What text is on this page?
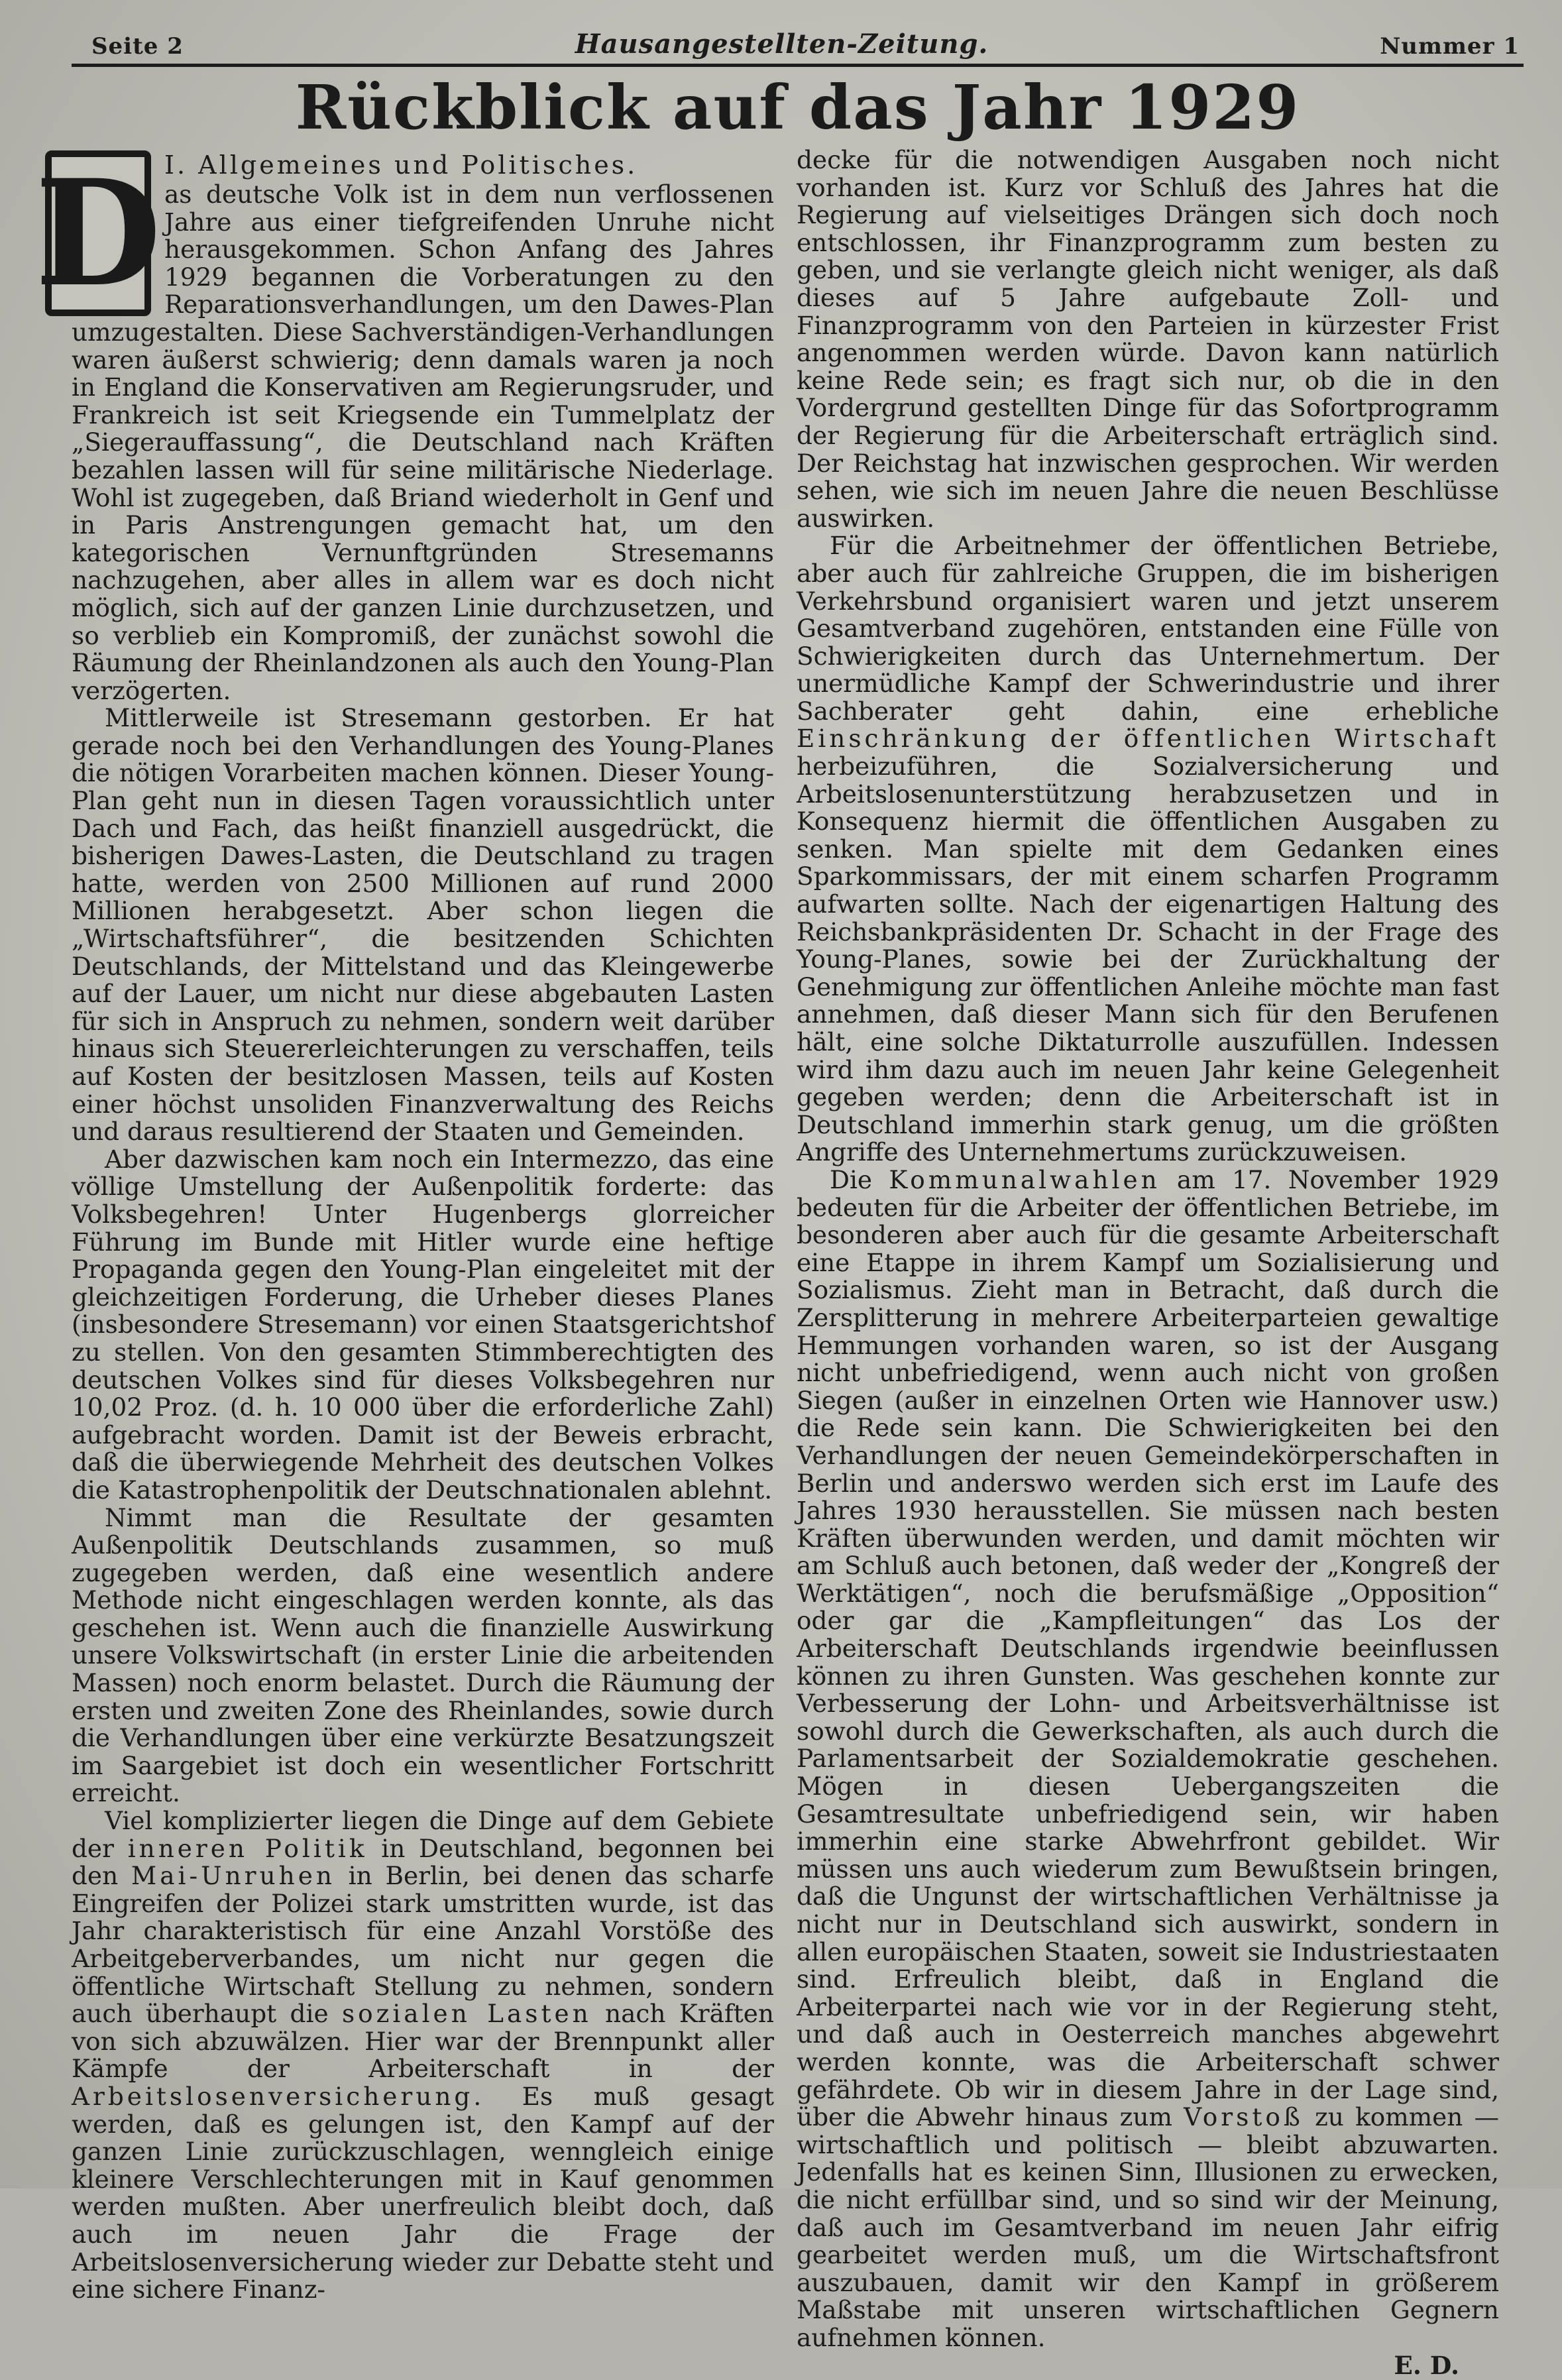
Seite 2	Hausangestellten-Zeitung.	Nummer 1
Rückblick auf das Jahr 1929
D I. Allgemeines und Politisches.

as deutsche Volk ist in dem nun verflossenen Jahre aus einer tiefgreifenden Unruhe nicht herausgekommen. Schon Anfang des Jahres 1929 begannen die Vorberatungen zu den Reparationsverhandlungen, um den Dawes-Plan umzugestalten. Diese Sachverständigen-Verhandlungen waren äußerst schwierig; denn damals waren ja noch in England die Konservativen am Regierungsruder, und Frankreich ist seit Kriegsende ein Tummelplatz der „Siegerauffassung“, die Deutschland nach Kräften bezahlen lassen will für seine militärische Niederlage. Wohl ist zugegeben, daß Briand wiederholt in Genf und in Paris Anstrengungen gemacht hat, um den kategorischen Vernunftgründen Stresemanns nachzugehen, aber alles in allem war es doch nicht möglich, sich auf der ganzen Linie durchzusetzen, und so verblieb ein Kompromiß, der zunächst sowohl die Räumung der Rheinlandzonen als auch den Young-Plan verzögerten.

Mittlerweile ist Stresemann gestorben. Er hat gerade noch bei den Verhandlungen des Young-Planes die nötigen Vorarbeiten machen können. Dieser Young-Plan geht nun in diesen Tagen voraussichtlich unter Dach und Fach, das heißt finanziell ausgedrückt, die bisherigen Dawes-Lasten, die Deutschland zu tragen hatte, werden von 2500 Millionen auf rund 2000 Millionen herabgesetzt. Aber schon liegen die „Wirtschaftsführer“, die besitzenden Schichten Deutschlands, der Mittelstand und das Kleingewerbe auf der Lauer, um nicht nur diese abgebauten Lasten für sich in Anspruch zu nehmen, sondern weit darüber hinaus sich Steuererleichterungen zu verschaffen, teils auf Kosten der besitzlosen Massen, teils auf Kosten einer höchst unsoliden Finanzverwaltung des Reichs und daraus resultierend der Staaten und Gemeinden.

Aber dazwischen kam noch ein Intermezzo, das eine völlige Umstellung der Außenpolitik forderte: das Volksbegehren! Unter Hugenbergs glorreicher Führung im Bunde mit Hitler wurde eine heftige Propaganda gegen den Young-Plan eingeleitet mit der gleichzeitigen Forderung, die Urheber dieses Planes (insbesondere Stresemann) vor einen Staatsgerichtshof zu stellen. Von den gesamten Stimmberechtigten des deutschen Volkes sind für dieses Volksbegehren nur 10,02 Proz. (d. h. 10 000 über die erforderliche Zahl) aufgebracht worden. Damit ist der Beweis erbracht, daß die überwiegende Mehrheit des deutschen Volkes die Katastrophenpolitik der Deutschnationalen ablehnt.

Nimmt man die Resultate der gesamten Außenpolitik Deutschlands zusammen, so muß zugegeben werden, daß eine wesentlich andere Methode nicht eingeschlagen werden konnte, als das geschehen ist. Wenn auch die finanzielle Auswirkung unsere Volkswirtschaft (in erster Linie die arbeitenden Massen) noch enorm belastet. Durch die Räumung der ersten und zweiten Zone des Rheinlandes, sowie durch die Verhandlungen über eine verkürzte Besatzungszeit im Saargebiet ist doch ein wesentlicher Fortschritt erreicht.

Viel komplizierter liegen die Dinge auf dem Gebiete der inneren Politik in Deutschland, begonnen bei den Mai-Unruhen in Berlin, bei denen das scharfe Eingreifen der Polizei stark umstritten wurde, ist das Jahr charakteristisch für eine Anzahl Vorstöße des Arbeitgeberverbandes, um nicht nur gegen die öffentliche Wirtschaft Stellung zu nehmen, sondern auch überhaupt die sozialen Lasten nach Kräften von sich abzuwälzen. Hier war der Brennpunkt aller Kämpfe der Arbeiterschaft in der Arbeitslosenversicherung. Es muß gesagt werden, daß es gelungen ist, den Kampf auf der ganzen Linie zurückzuschlagen, wenngleich einige kleinere Verschlechterungen mit in Kauf genommen werden mußten. Aber unerfreulich bleibt doch, daß auch im neuen Jahr die Frage der Arbeitslosenversicherung wieder zur Debatte steht und eine sichere Finanz-

decke für die notwendigen Ausgaben noch nicht vorhanden ist. Kurz vor Schluß des Jahres hat die Regierung auf vielseitiges Drängen sich doch noch entschlossen, ihr Finanzprogramm zum besten zu geben, und sie verlangte gleich nicht weniger, als daß dieses auf 5 Jahre aufgebaute Zoll- und Finanzprogramm von den Parteien in kürzester Frist angenommen werden würde. Davon kann natürlich keine Rede sein; es fragt sich nur, ob die in den Vordergrund gestellten Dinge für das Sofortprogramm der Regierung für die Arbeiterschaft erträglich sind. Der Reichstag hat inzwischen gesprochen. Wir werden sehen, wie sich im neuen Jahre die neuen Beschlüsse auswirken.

Für die Arbeitnehmer der öffentlichen Betriebe, aber auch für zahlreiche Gruppen, die im bisherigen Verkehrsbund organisiert waren und jetzt unserem Gesamtverband zugehören, entstanden eine Fülle von Schwierigkeiten durch das Unternehmertum. Der unermüdliche Kampf der Schwerindustrie und ihrer Sachberater geht dahin, eine erhebliche Einschränkung der öffentlichen Wirtschaft herbeizuführen, die Sozialversicherung und Arbeitslosenunterstützung herabzusetzen und in Konsequenz hiermit die öffentlichen Ausgaben zu senken. Man spielte mit dem Gedanken eines Sparkommissars, der mit einem scharfen Programm aufwarten sollte. Nach der eigenartigen Haltung des Reichsbankpräsidenten Dr. Schacht in der Frage des Young-Planes, sowie bei der Zurückhaltung der Genehmigung zur öffentlichen Anleihe möchte man fast annehmen, daß dieser Mann sich für den Berufenen hält, eine solche Diktaturrolle auszufüllen. Indessen wird ihm dazu auch im neuen Jahr keine Gelegenheit gegeben werden; denn die Arbeiterschaft ist in Deutschland immerhin stark genug, um die größten Angriffe des Unternehmertums zurückzuweisen.

Die Kommunalwahlen am 17. November 1929 bedeuten für die Arbeiter der öffentlichen Betriebe, im besonderen aber auch für die gesamte Arbeiterschaft eine Etappe in ihrem Kampf um Sozialisierung und Sozialismus. Zieht man in Betracht, daß durch die Zersplitterung in mehrere Arbeiterparteien gewaltige Hemmungen vorhanden waren, so ist der Ausgang nicht unbefriedigend, wenn auch nicht von großen Siegen (außer in einzelnen Orten wie Hannover usw.) die Rede sein kann. Die Schwierigkeiten bei den Verhandlungen der neuen Gemeindekörperschaften in Berlin und anderswo werden sich erst im Laufe des Jahres 1930 herausstellen. Sie müssen nach besten Kräften überwunden werden, und damit möchten wir am Schluß auch betonen, daß weder der „Kongreß der Werktätigen“, noch die berufsmäßige „Opposition“ oder gar die „Kampfleitungen“ das Los der Arbeiterschaft Deutschlands irgendwie beeinflussen können zu ihren Gunsten. Was geschehen konnte zur Verbesserung der Lohn- und Arbeitsverhältnisse ist sowohl durch die Gewerkschaften, als auch durch die Parlamentsarbeit der Sozialdemokratie geschehen. Mögen in diesen Uebergangszeiten die Gesamtresultate unbefriedigend sein, wir haben immerhin eine starke Abwehrfront gebildet. Wir müssen uns auch wiederum zum Bewußtsein bringen, daß die Ungunst der wirtschaftlichen Verhältnisse ja nicht nur in Deutschland sich auswirkt, sondern in allen europäischen Staaten, soweit sie Industriestaaten sind. Erfreulich bleibt, daß in England die Arbeiterpartei nach wie vor in der Regierung steht, und daß auch in Oesterreich manches abgewehrt werden konnte, was die Arbeiterschaft schwer gefährdete. Ob wir in diesem Jahre in der Lage sind, über die Abwehr hinaus zum Vorstoß zu kommen — wirtschaftlich und politisch — bleibt abzuwarten. Jedenfalls hat es keinen Sinn, Illusionen zu erwecken, die nicht erfüllbar sind, und so sind wir der Meinung, daß auch im Gesamtverband im neuen Jahr eifrig gearbeitet werden muß, um die Wirtschaftsfront auszubauen, damit wir den Kampf in größerem Maßstabe mit unseren wirtschaftlichen Gegnern aufnehmen können.

E. D.
